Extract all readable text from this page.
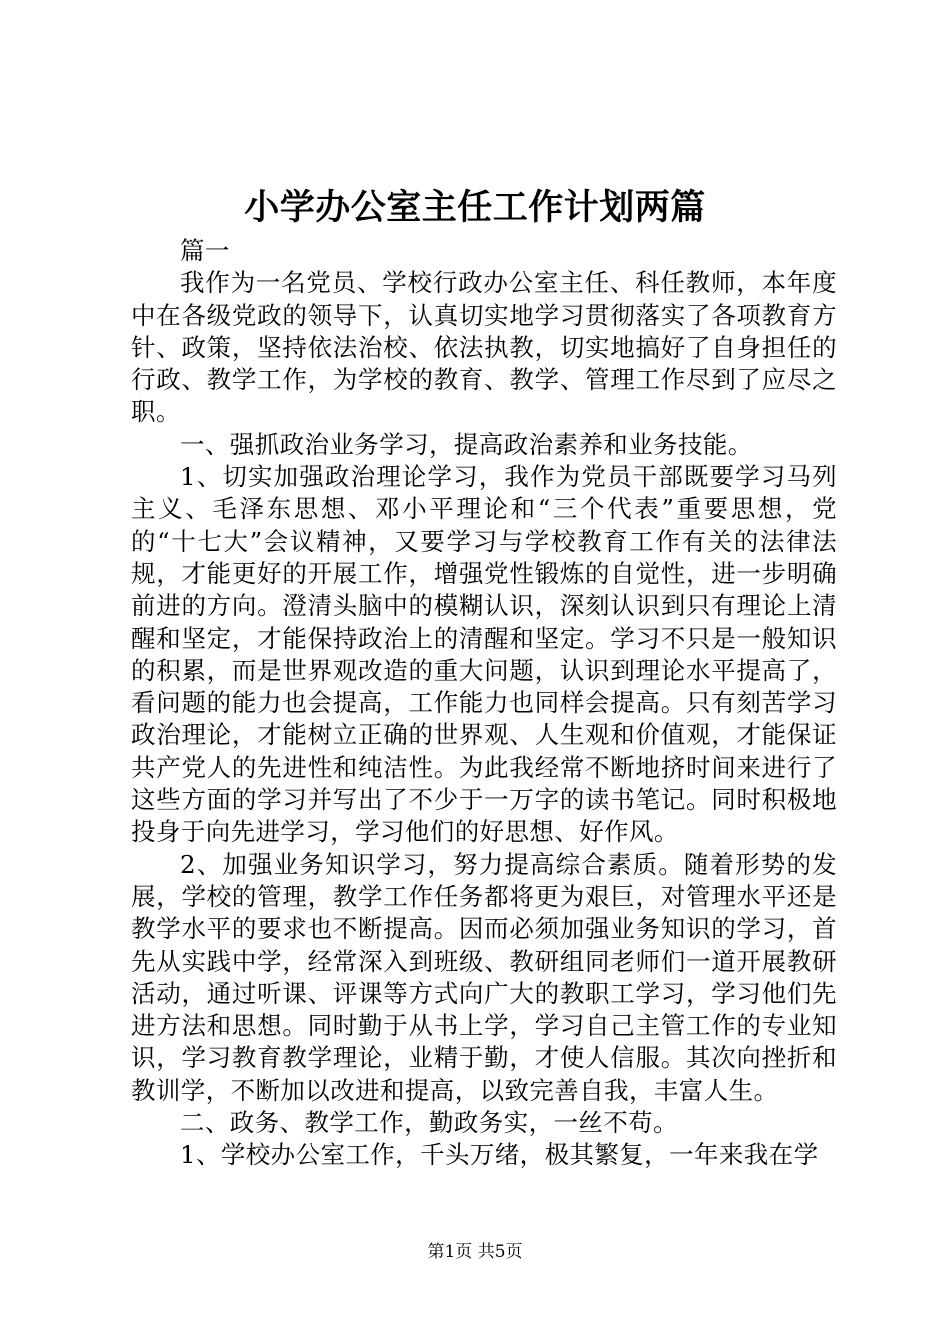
小学办公室主任工作计划两篇

篇一

我作为一名党员、学校行政办公室主任、科任教师，本年度中在各级党政的领导下，认真切实地学习贯彻落实了各项教育方针、政策，坚持依法治校、依法执教，切实地搞好了自身担任的行政、教学工作，为学校的教育、教学、管理工作尽到了应尽之职。

一、强抓政治业务学习，提高政治素养和业务技能。

1、切实加强政治理论学习，我作为党员干部既要学习马列主义、毛泽东思想、邓小平理论和“三个代表”重要思想，党的“十七大”会议精神，又要学习与学校教育工作有关的法律法规，才能更好的开展工作，增强党性锻炼的自觉性，进一步明确前进的方向。澄清头脑中的模糊认识，深刻认识到只有理论上清醒和坚定，才能保持政治上的清醒和坚定。学习不只是一般知识的积累，而是世界观改造的重大问题，认识到理论水平提高了，看问题的能力也会提高，工作能力也同样会提高。只有刻苦学习政治理论，才能树立正确的世界观、人生观和价值观，才能保证共产党人的先进性和纯洁性。为此我经常不断地挤时间来进行了这些方面的学习并写出了不少于一万字的读书笔记。同时积极地投身于向先进学习，学习他们的好思想、好作风。

2、加强业务知识学习，努力提高综合素质。随着形势的发展，学校的管理，教学工作任务都将更为艰巨，对管理水平还是教学水平的要求也不断提高。因而必须加强业务知识的学习，首先从实践中学，经常深入到班级、教研组同老师们一道开展教研活动，通过听课、评课等方式向广大的教职工学习，学习他们先进方法和思想。同时勤于从书上学，学习自己主管工作的专业知识，学习教育教学理论，业精于勤，才使人信服。其次向挫折和教训学，不断加以改进和提高，以致完善自我，丰富人生。

二、政务、教学工作，勤政务实，一丝不苟。

1、学校办公室工作，千头万绪，极其繁复，一年来我在学

第1页 共5页
